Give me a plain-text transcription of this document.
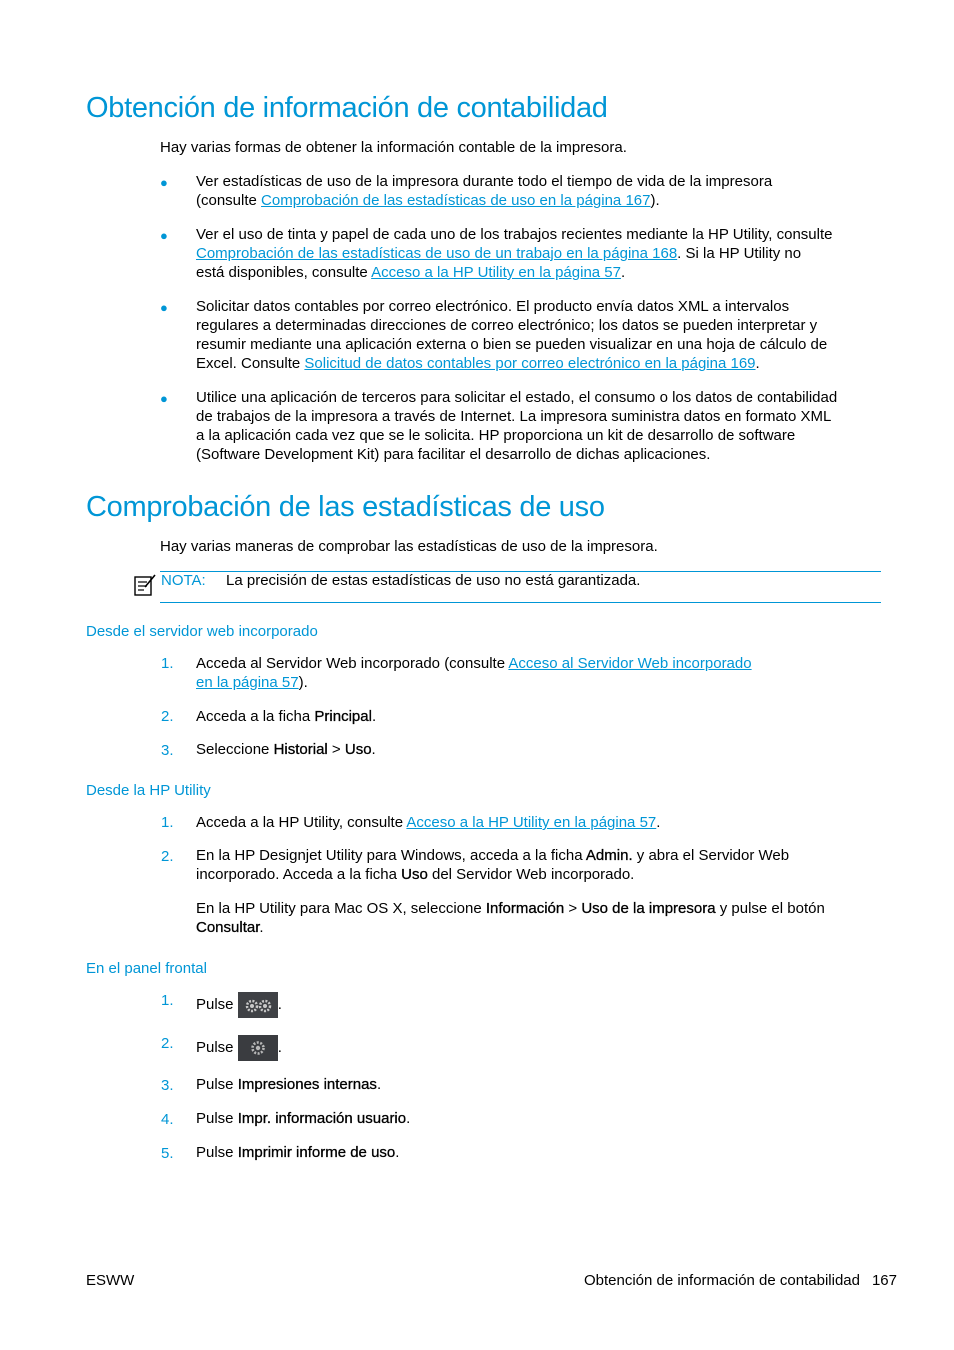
Obtención de información de contabilidad
Hay varias formas de obtener la información contable de la impresora.
● Ver estadísticas de uso de la impresora durante todo el tiempo de vida de la impresora
(consulte Comprobación de las estadísticas de uso en la página 167).
● Ver el uso de tinta y papel de cada uno de los trabajos recientes mediante la HP Utility, consulte
Comprobación de las estadísticas de uso de un trabajo en la página 168. Si la HP Utility no
está disponibles, consulte Acceso a la HP Utility en la página 57.
● Solicitar datos contables por correo electrónico. El producto envía datos XML a intervalos
regulares a determinadas direcciones de correo electrónico; los datos se pueden interpretar y
resumir mediante una aplicación externa o bien se pueden visualizar en una hoja de cálculo de
Excel. Consulte Solicitud de datos contables por correo electrónico en la página 169.
● Utilice una aplicación de terceros para solicitar el estado, el consumo o los datos de contabilidad
de trabajos de la impresora a través de Internet. La impresora suministra datos en formato XML
a la aplicación cada vez que se le solicita. HP proporciona un kit de desarrollo de software
(Software Development Kit) para facilitar el desarrollo de dichas aplicaciones.
Comprobación de las estadísticas de uso
Hay varias maneras de comprobar las estadísticas de uso de la impresora.
NOTA: La precisión de estas estadísticas de uso no está garantizada.
Desde el servidor web incorporado
1. Acceda al Servidor Web incorporado (consulte Acceso al Servidor Web incorporado
en la página 57).
2. Acceda a la ficha Principal.
3. Seleccione Historial > Uso.
Desde la HP Utility
1. Acceda a la HP Utility, consulte Acceso a la HP Utility en la página 57.
2. En la HP Designjet Utility para Windows, acceda a la ficha Admin. y abra el Servidor Web
incorporado. Acceda a la ficha Uso del Servidor Web incorporado.
En la HP Utility para Mac OS X, seleccione Información > Uso de la impresora y pulse el botón
Consultar.
En el panel frontal
1. Pulse	.
2. Pulse	.
3. Pulse Impresiones internas.
4. Pulse Impr. información usuario.
5. Pulse Imprimir informe de uso.
ESWW	Obtención de información de contabilidad 167
